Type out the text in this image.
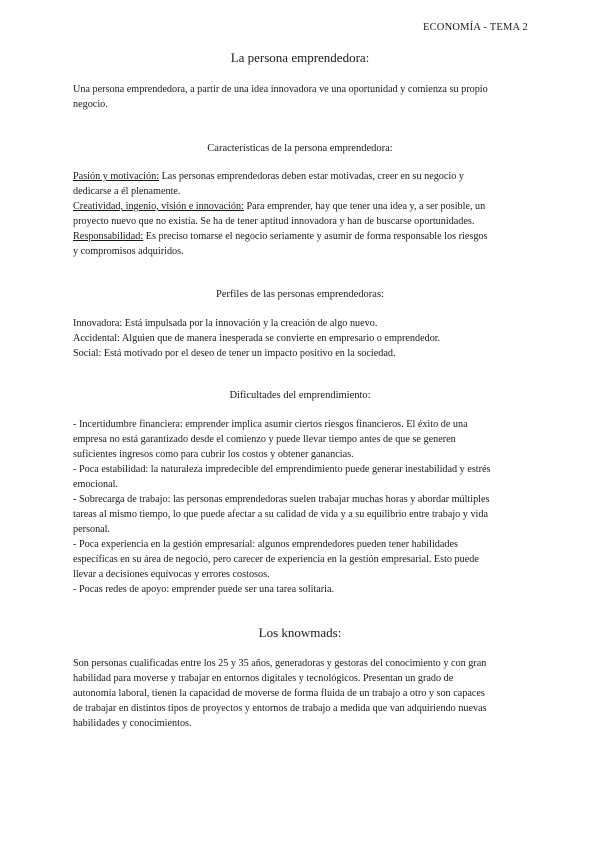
ECONOMÍA - TEMA 2
La persona emprendedora:
Una persona emprendedora, a partir de una idea innovadora ve una oportunidad y comienza su propio
negocio.
Características de la persona emprendedora:
Pasión y motivación: Las personas emprendedoras deben estar motivadas, creer en su negocio y
dedicarse a él plenamente.
Creatividad, ingenio, visión e innovación: Para emprender, hay que tener una idea y, a ser posible, un
proyecto nuevo que no existía. Se ha de tener aptitud innovadora y han de buscarse oportunidades.
Responsabilidad: Es preciso tomarse el negocio seriamente y asumir de forma responsable los riesgos
y compromisos adquiridos.
Perfiles de las personas emprendedoras:
Innovadora: Está impulsada por la innovación y la creación de algo nuevo.
Accidental: Alguien que de manera inesperada se convierte en empresario o emprendedor.
Social: Está motivado por el deseo de tener un impacto positivo en la sociedad.
Dificultades del emprendimiento:
- Incertidumbre financiera: emprender implica asumir ciertos riesgos financieros. El éxito de una
empresa no está garantizado desde el comienzo y puede llevar tiempo antes de que se generen
suficientes ingresos como para cubrir los costos y obtener ganancias.
- Poca estabilidad: la naturaleza impredecible del emprendimiento puede generar inestabilidad y estrés
emocional.
- Sobrecarga de trabajo: las personas emprendedoras suelen trabajar muchas horas y abordar múltiples
tareas al mismo tiempo, lo que puede afectar a su calidad de vida y a su equilibrio entre trabajo y vida
personal.
- Poca experiencia en la gestión empresarial: algunos emprendedores pueden tener habilidades
específicas en su área de negocio, pero carecer de experiencia en la gestión empresarial. Esto puede
llevar a decisiones equívocas y errores costosos.
- Pocas redes de apoyo: emprender puede ser una tarea solitaria.
Los knowmads:
Son personas cualificadas entre los 25 y 35 años, generadoras y gestoras del conocimiento y con gran
habilidad para moverse y trabajar en entornos digitales y tecnológicos. Presentan un grado de
autonomía laboral, tienen la capacidad de moverse de forma fluida de un trabajo a otro y son capaces
de trabajar en distintos tipos de proyectos y entornos de trabajo a medida que van adquiriendo nuevas
habilidades y conocimientos.
